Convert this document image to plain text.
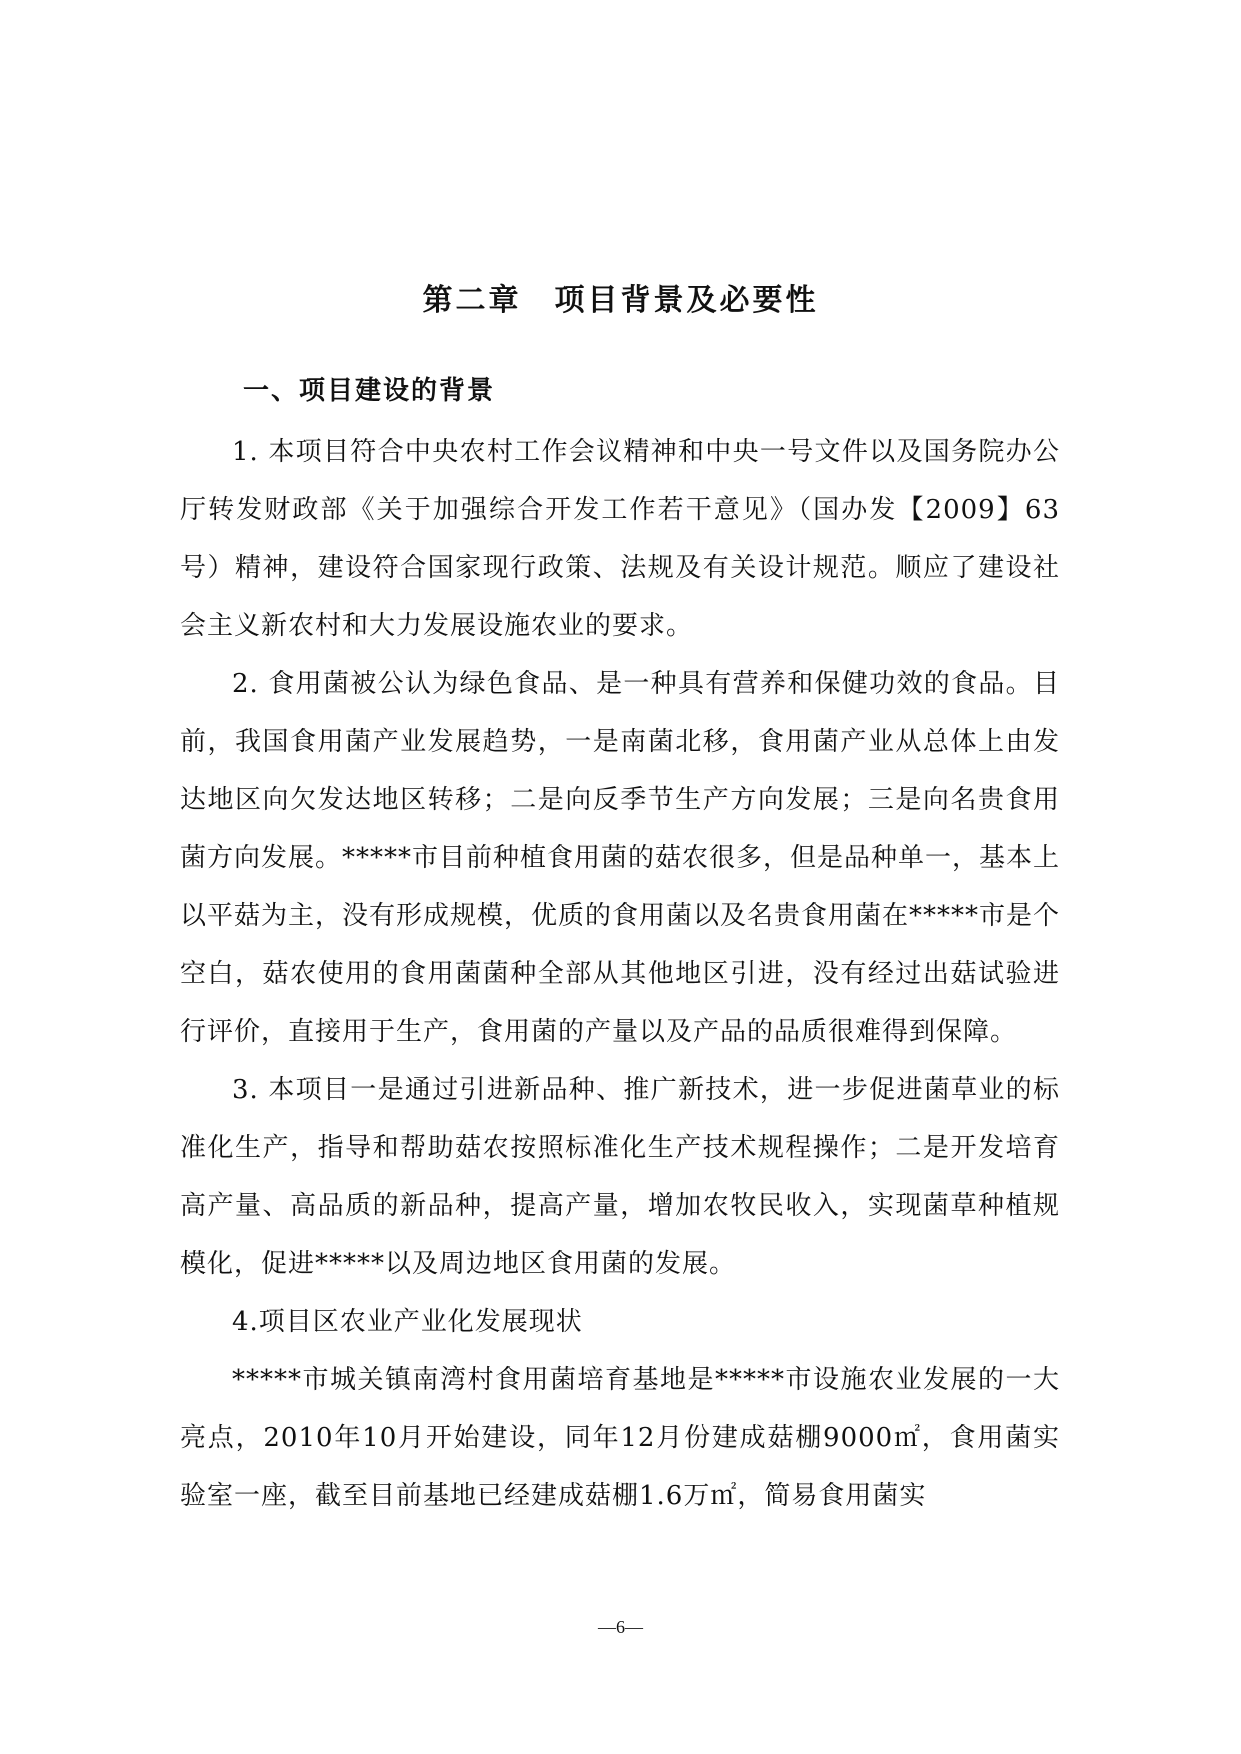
第二章　项目背景及必要性
一、项目建设的背景

1. 本项目符合中央农村工作会议精神和中央一号文件以及国务院办公厅转发财政部《关于加强综合开发工作若干意见》（国办发【2009】63号）精神，建设符合国家现行政策、法规及有关设计规范。顺应了建设社会主义新农村和大力发展设施农业的要求。

2. 食用菌被公认为绿色食品、是一种具有营养和保健功效的食品。目前，我国食用菌产业发展趋势，一是南菌北移，食用菌产业从总体上由发达地区向欠发达地区转移；二是向反季节生产方向发展；三是向名贵食用菌方向发展。*****市目前种植食用菌的菇农很多，但是品种单一，基本上以平菇为主，没有形成规模，优质的食用菌以及名贵食用菌在*****市是个空白，菇农使用的食用菌菌种全部从其他地区引进，没有经过出菇试验进行评价，直接用于生产，食用菌的产量以及产品的品质很难得到保障。

3. 本项目一是通过引进新品种、推广新技术，进一步促进菌草业的标准化生产，指导和帮助菇农按照标准化生产技术规程操作；二是开发培育高产量、高品质的新品种，提高产量，增加农牧民收入，实现菌草种植规模化，促进*****以及周边地区食用菌的发展。

4.项目区农业产业化发展现状

*****市城关镇南湾村食用菌培育基地是*****市设施农业发展的一大亮点，2010年10月开始建设，同年12月份建成菇棚9000㎡，食用菌实验室一座，截至目前基地已经建成菇棚1.6万㎡，简易食用菌实

—6—
